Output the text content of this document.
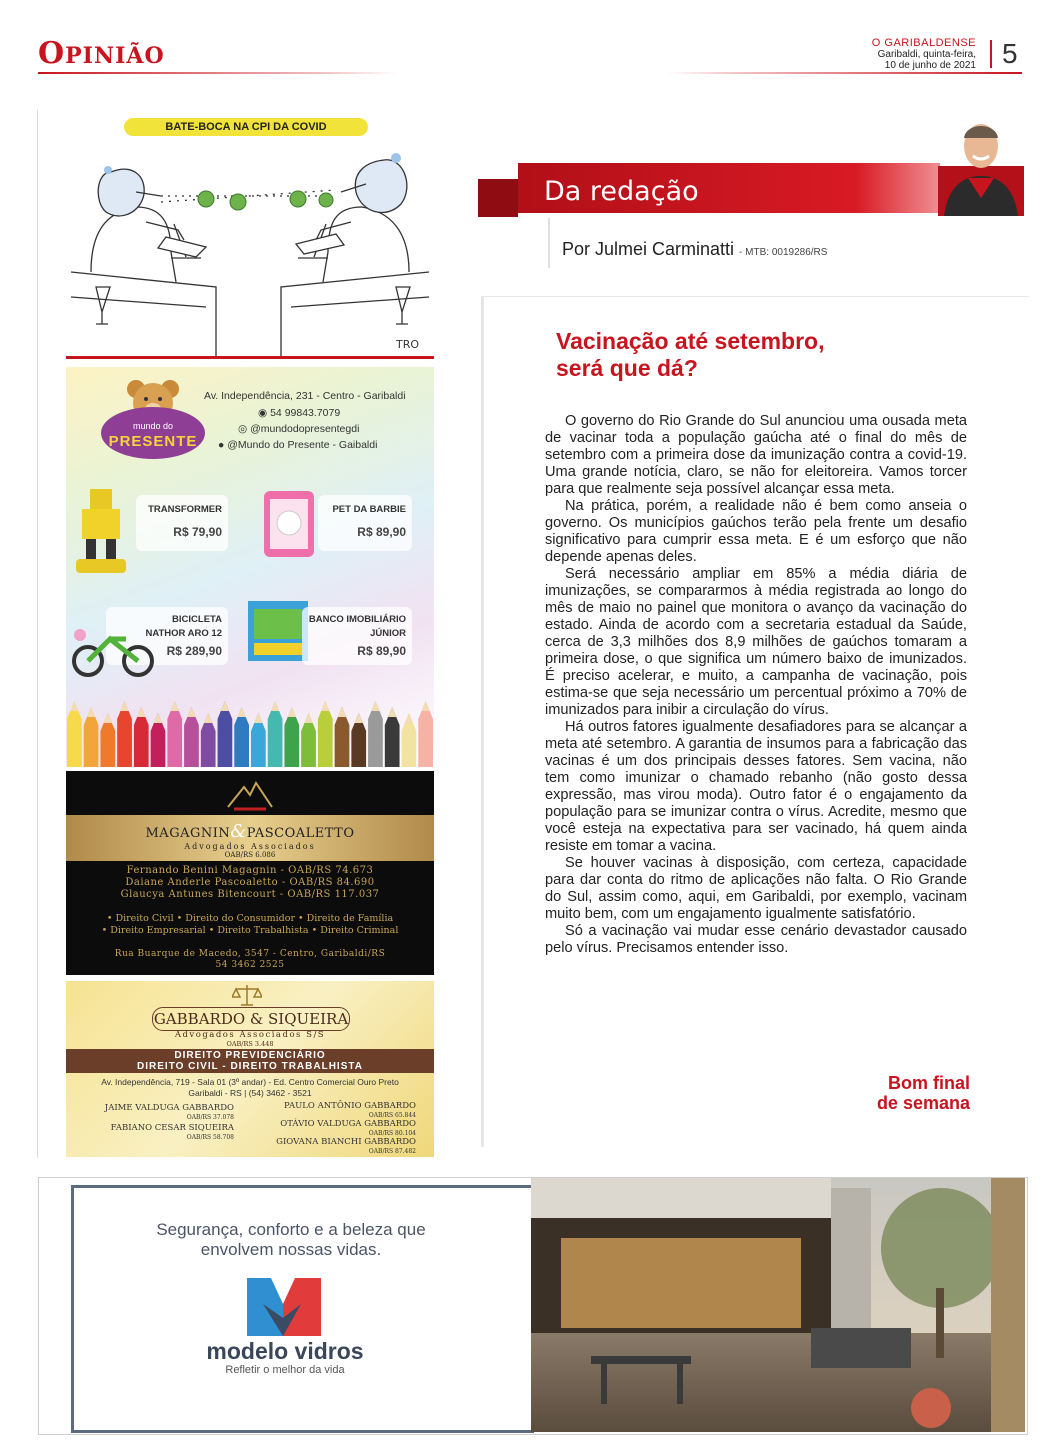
OPINIÃO	O GARIBALDENSE
Garibaldi, quinta-feira,
10 de junho de 2021 5
TRO
BATE-BOCA NA CPI DA COVID
mundo do
PRESENTE
Av. Independência, 231 - Centro - Garibaldi
◉ 54 99843.7079
◎ @mundodopresentegdi
● @Mundo do Presente - Gaibaldi
TRANSFORMER
R$ 79,90
PET DA BARBIE
R$ 89,90
BICICLETA
NATHOR ARO 12
R$ 289,90
BANCO IMOBILIÁRIO
JÚNIOR
R$ 89,90
MAGAGNIN&PASCOALETTO
Advogados Associados
OAB/RS 6.086
Fernando Benini Magagnin - OAB/RS 74.673
Daiane Anderle Pascoaletto - OAB/RS 84.690
Glaucya Antunes Bitencourt - OAB/RS 117.037
• Direito Civil • Direito do Consumidor • Direito de Família
• Direito Empresarial • Direito Trabalhista • Direito Criminal
Rua Buarque de Macedo, 3547 - Centro, Garibaldi/RS
54 3462 2525
GABBARDO & SIQUEIRA
Advogados Associados S/S
OAB/RS 3.448
DIREITO PREVIDENCIÁRIO
DIREITO CIVIL - DIREITO TRABALHISTA
Av. Independência, 719 - Sala 01 (3º andar) - Ed. Centro Comercial Ouro Preto
Garibaldi - RS | (54) 3462 - 3521
JAIME VALDUGA GABBARDO
OAB/RS 37.078
PAULO ANTÔNIO GABBARDO
OAB/RS 65.844
FABIANO CESAR SIQUEIRA
OAB/RS 58.708
OTÁVIO VALDUGA GABBARDO
OAB/RS 80.104
GIOVANA BIANCHI GABBARDO
OAB/RS 87.482
Da redação
Por Julmei Carminatti - MTB: 0019286/RS
Vacinação até setembro,
será que dá?

O governo do Rio Grande do Sul anunciou uma ousada meta de vacinar toda a população gaúcha até o final do mês de setembro com a primeira dose da imunização contra a covid-19. Uma grande notícia, claro, se não for eleitoreira. Vamos torcer para que realmente seja possível alcançar essa meta.

Na prática, porém, a realidade não é bem como anseia o governo. Os municípios gaúchos terão pela frente um desafio significativo para cumprir essa meta. E é um esforço que não depende apenas deles.

Será necessário ampliar em 85% a média diária de imunizações, se compararmos à média registrada ao longo do mês de maio no painel que monitora o avanço da vacinação do estado. Ainda de acordo com a secretaria estadual da Saúde, cerca de 3,3 milhões dos 8,9 milhões de gaúchos tomaram a primeira dose, o que significa um número baixo de imunizados. É preciso acelerar, e muito, a campanha de vacinação, pois estima-se que seja necessário um percentual próximo a 70% de imunizados para inibir a circulação do vírus.

Há outros fatores igualmente desafiadores para se alcançar a meta até setembro. A garantia de insumos para a fabricação das vacinas é um dos principais desses fatores. Sem vacina, não tem como imunizar o chamado rebanho (não gosto dessa expressão, mas virou moda). Outro fator é o engajamento da população para se imunizar contra o vírus. Acredite, mesmo que você esteja na expectativa para ser vacinado, há quem ainda resiste em tomar a vacina.

Se houver vacinas à disposição, com certeza, capacidade para dar conta do ritmo de aplicações não falta. O Rio Grande do Sul, assim como, aqui, em Garibaldi, por exemplo, vacinam muito bem, com um engajamento igualmente satisfatório.

Só a vacinação vai mudar esse cenário devastador causado pelo vírus. Precisamos entender isso.

Bom final
de semana
Segurança, conforto e a beleza que
envolvem nossas vidas.
modelo vidros
Refletir o melhor da vida
